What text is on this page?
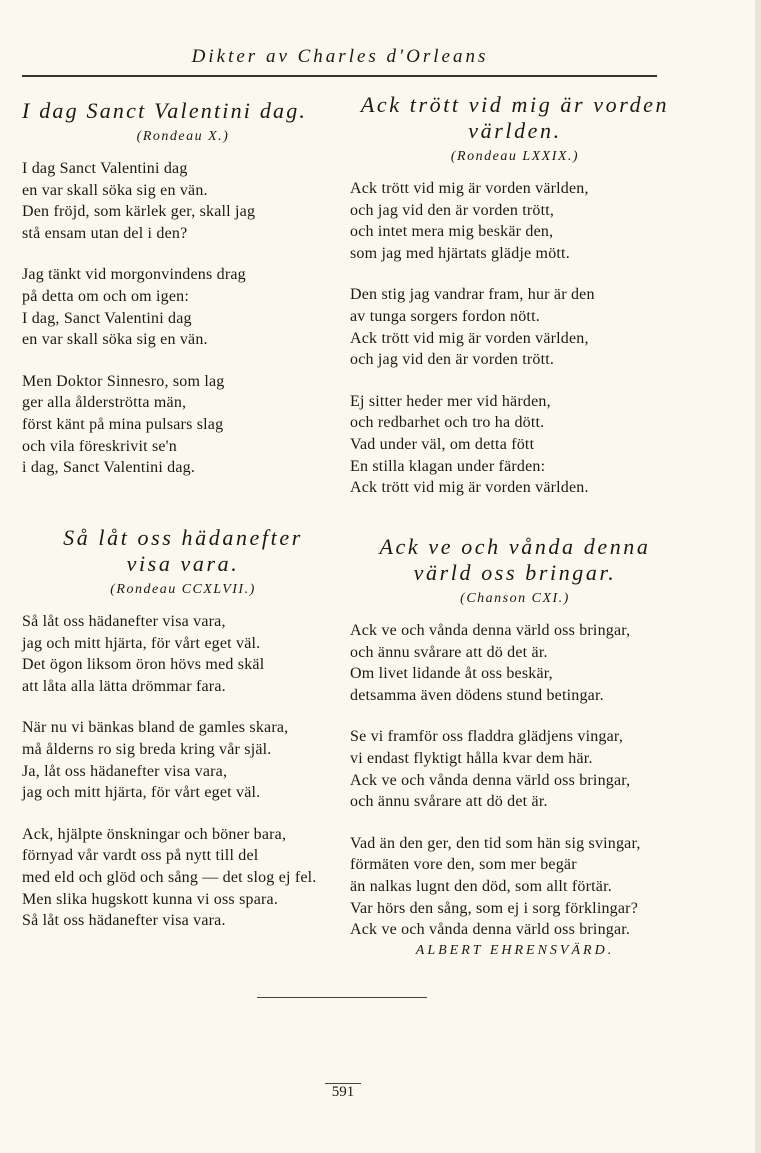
Dikter av Charles d'Orleans
I dag Sanct Valentini dag.
(Rondeau X.)
I dag Sanct Valentini dag
en var skall söka sig en vän.
Den fröjd, som kärlek ger, skall jag
stå ensam utan del i den?
Jag tänkt vid morgonvindens drag
på detta om och om igen:
I dag, Sanct Valentini dag
en var skall söka sig en vän.
Men Doktor Sinnesro, som lag
ger alla ålderströtta män,
först känt på mina pulsars slag
och vila föreskrivit se'n
i dag, Sanct Valentini dag.
Ack trött vid mig är vorden
världen.
(Rondeau LXXIX.)
Ack trött vid mig är vorden världen,
och jag vid den är vorden trött,
och intet mera mig beskär den,
som jag med hjärtats glädje mött.
Den stig jag vandrar fram, hur är den
av tunga sorgers fordon nött.
Ack trött vid mig är vorden världen,
och jag vid den är vorden trött.
Ej sitter heder mer vid härden,
och redbarhet och tro ha dött.
Vad under väl, om detta fött
En stilla klagan under färden:
Ack trött vid mig är vorden världen.
Så låt oss hädanefter
visa vara.
(Rondeau CCXLVII.)
Så låt oss hädanefter visa vara,
jag och mitt hjärta, för vårt eget väl.
Det ögon liksom öron hövs med skäl
att låta alla lätta drömmar fara.
När nu vi bänkas bland de gamles skara,
må ålderns ro sig breda kring vår själ.
Ja, låt oss hädanefter visa vara,
jag och mitt hjärta, för vårt eget väl.
Ack, hjälpte önskningar och böner bara,
förnyad vår vardt oss på nytt till del
med eld och glöd och sång — det slog ej fel.
Men slika hugskott kunna vi oss spara.
Så låt oss hädanefter visa vara.
Ack ve och vånda denna
värld oss bringar.
(Chanson CXI.)
Ack ve och vånda denna värld oss bringar,
och ännu svårare att dö det är.
Om livet lidande åt oss beskär,
detsamma även dödens stund betingar.
Se vi framför oss fladdra glädjens vingar,
vi endast flyktigt hålla kvar dem här.
Ack ve och vånda denna värld oss bringar,
och ännu svårare att dö det är.
Vad än den ger, den tid som hän sig svingar,
förmäten vore den, som mer begär
än nalkas lugnt den död, som allt förtär.
Var hörs den sång, som ej i sorg förklingar?
Ack ve och vånda denna värld oss bringar.
ALBERT EHRENSVÄRD.
591
